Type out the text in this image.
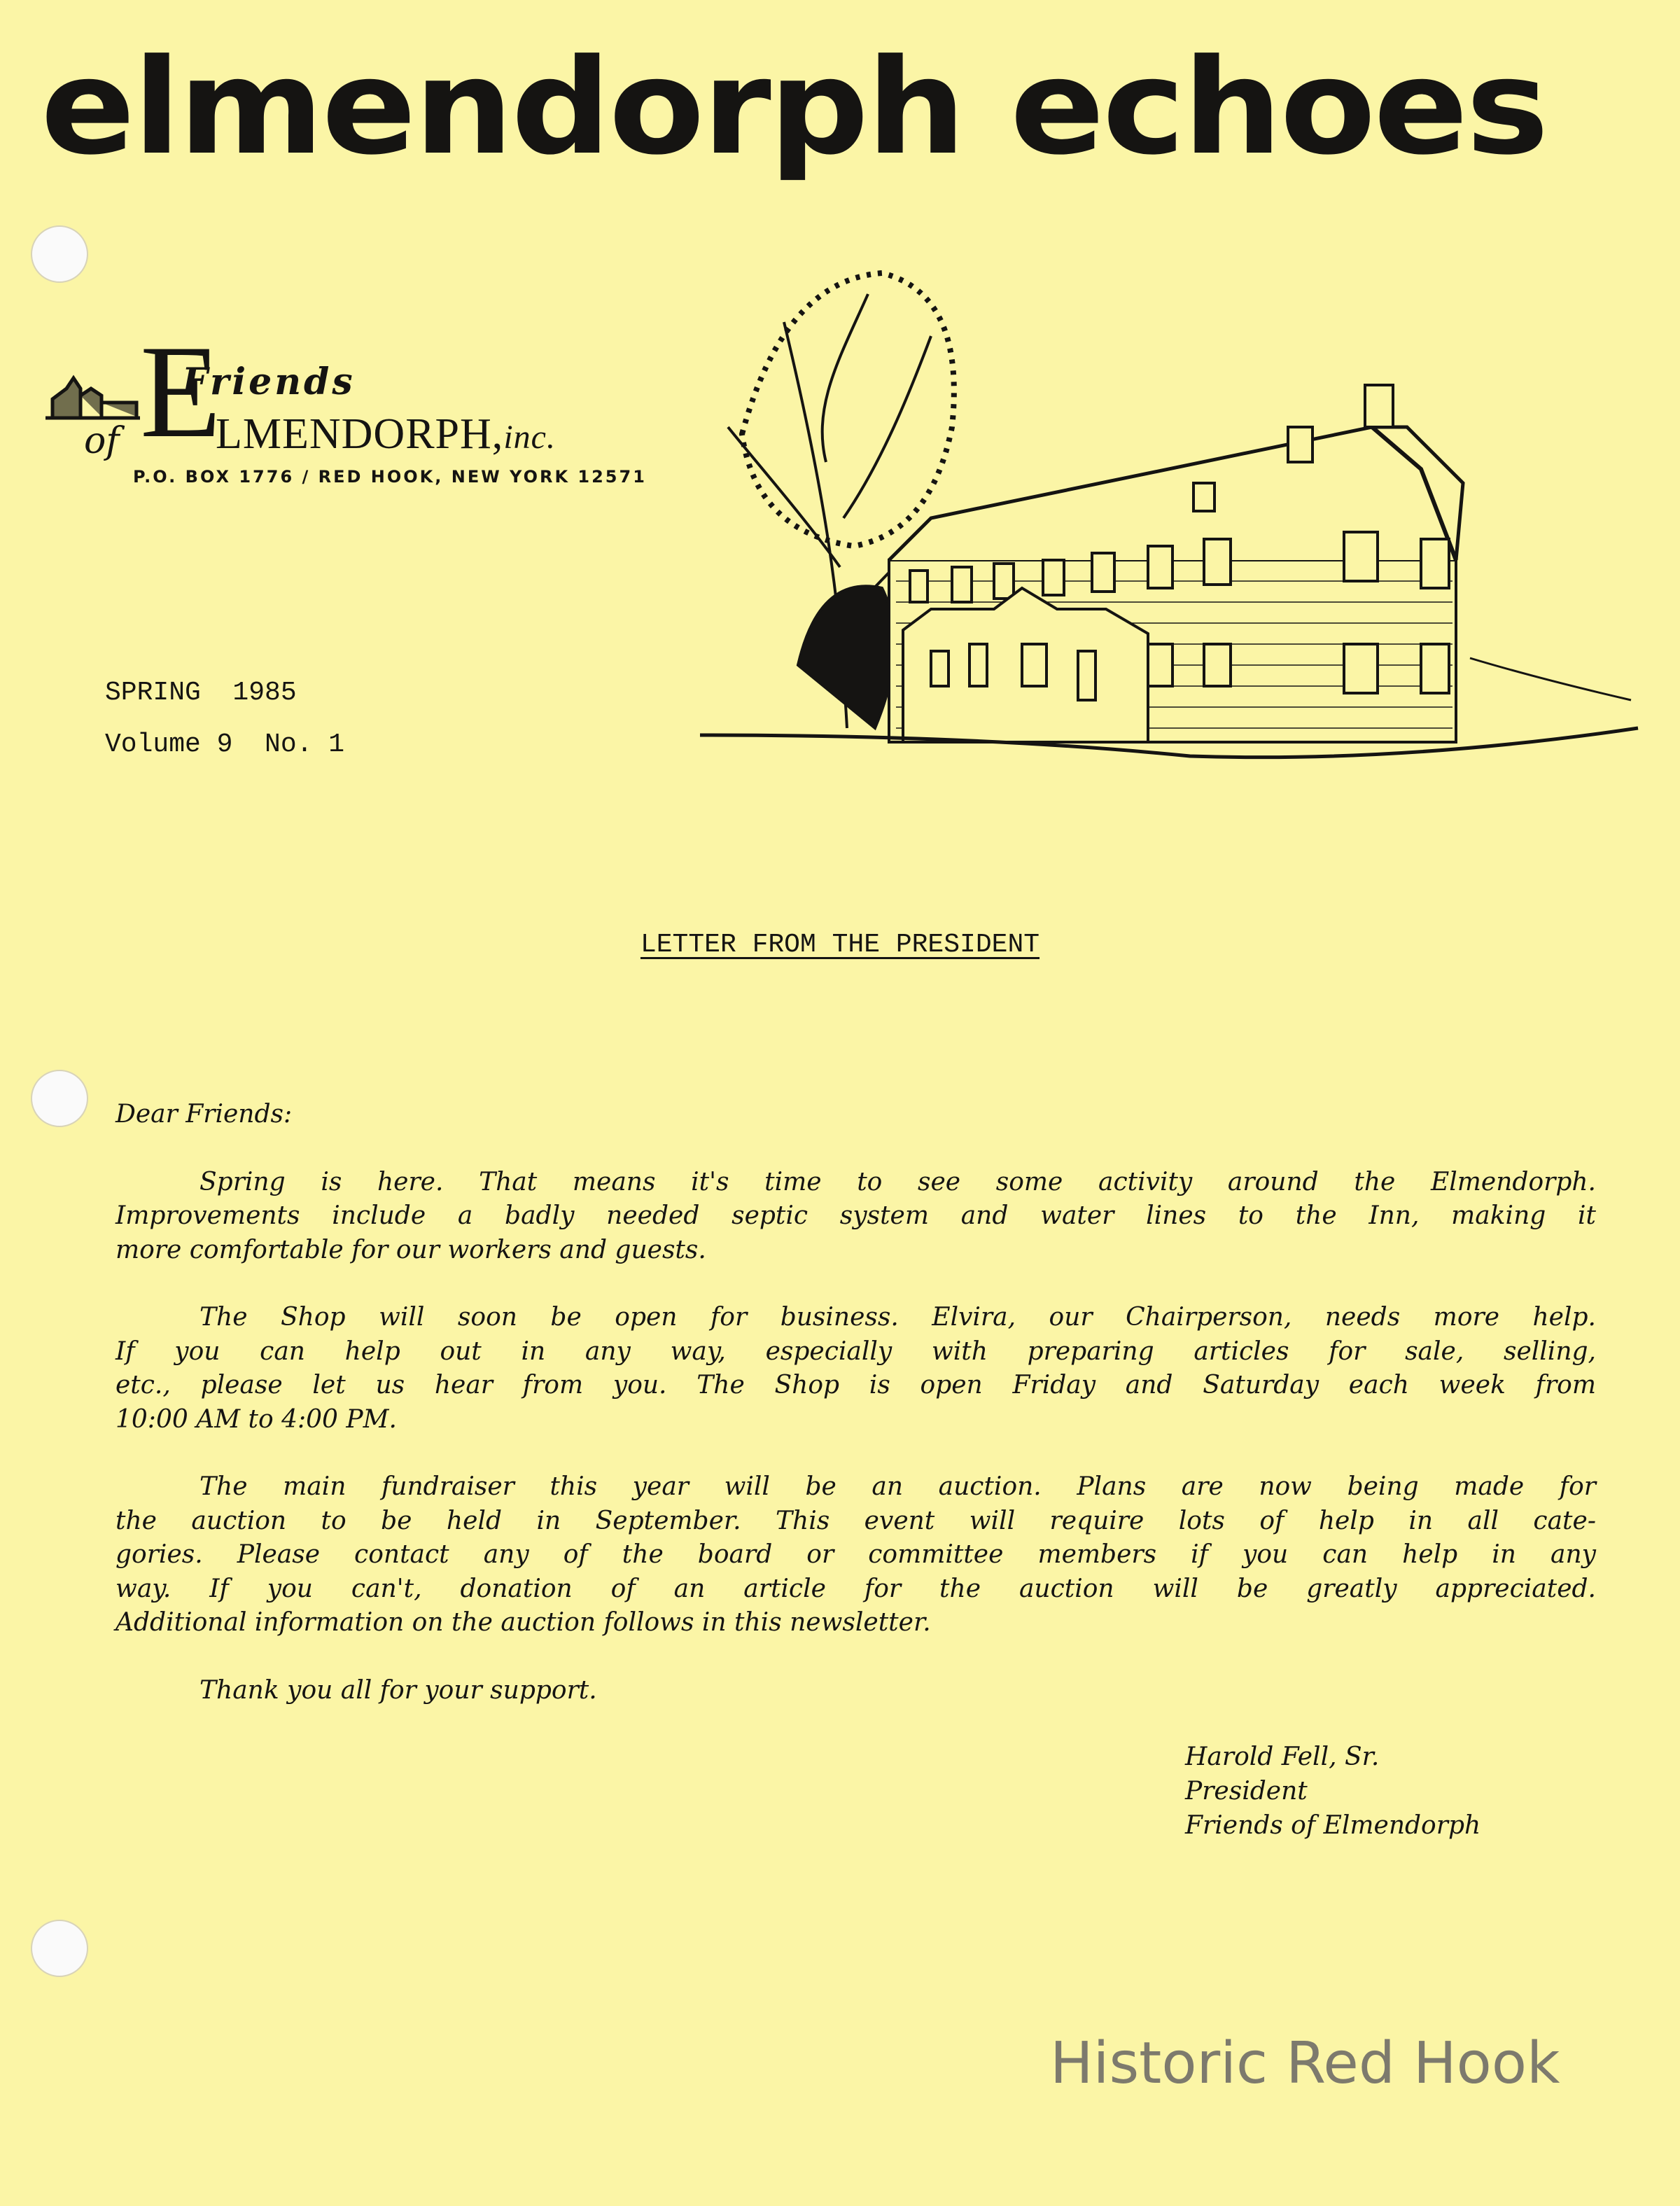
elmendorph echoes
E
Friends
of LMENDORPH,inc.
P.O. BOX 1776 / RED HOOK, NEW YORK 12571
SPRING  1985
Volume 9  No. 1
LETTER FROM THE PRESIDENT
Dear Friends:
Spring is here. That means it's time to see some activity around the Elmendorph.
Improvements include a badly needed septic system and water lines to the Inn, making it
more comfortable for our workers and guests.
The Shop will soon be open for business. Elvira, our Chairperson, needs more help.
If you can help out in any way, especially with preparing articles for sale, selling,
etc., please let us hear from you. The Shop is open Friday and Saturday each week from
10:00 AM to 4:00 PM.
The main fundraiser this year will be an auction. Plans are now being made for
the auction to be held in September. This event will require lots of help in all cate-
gories. Please contact any of the board or committee members if you can help in any
way. If you can't, donation of an article for the auction will be greatly appreciated.
Additional information on the auction follows in this newsletter.
Thank you all for your support.
Harold Fell, Sr.
President
Friends of Elmendorph
Historic Red Hook
